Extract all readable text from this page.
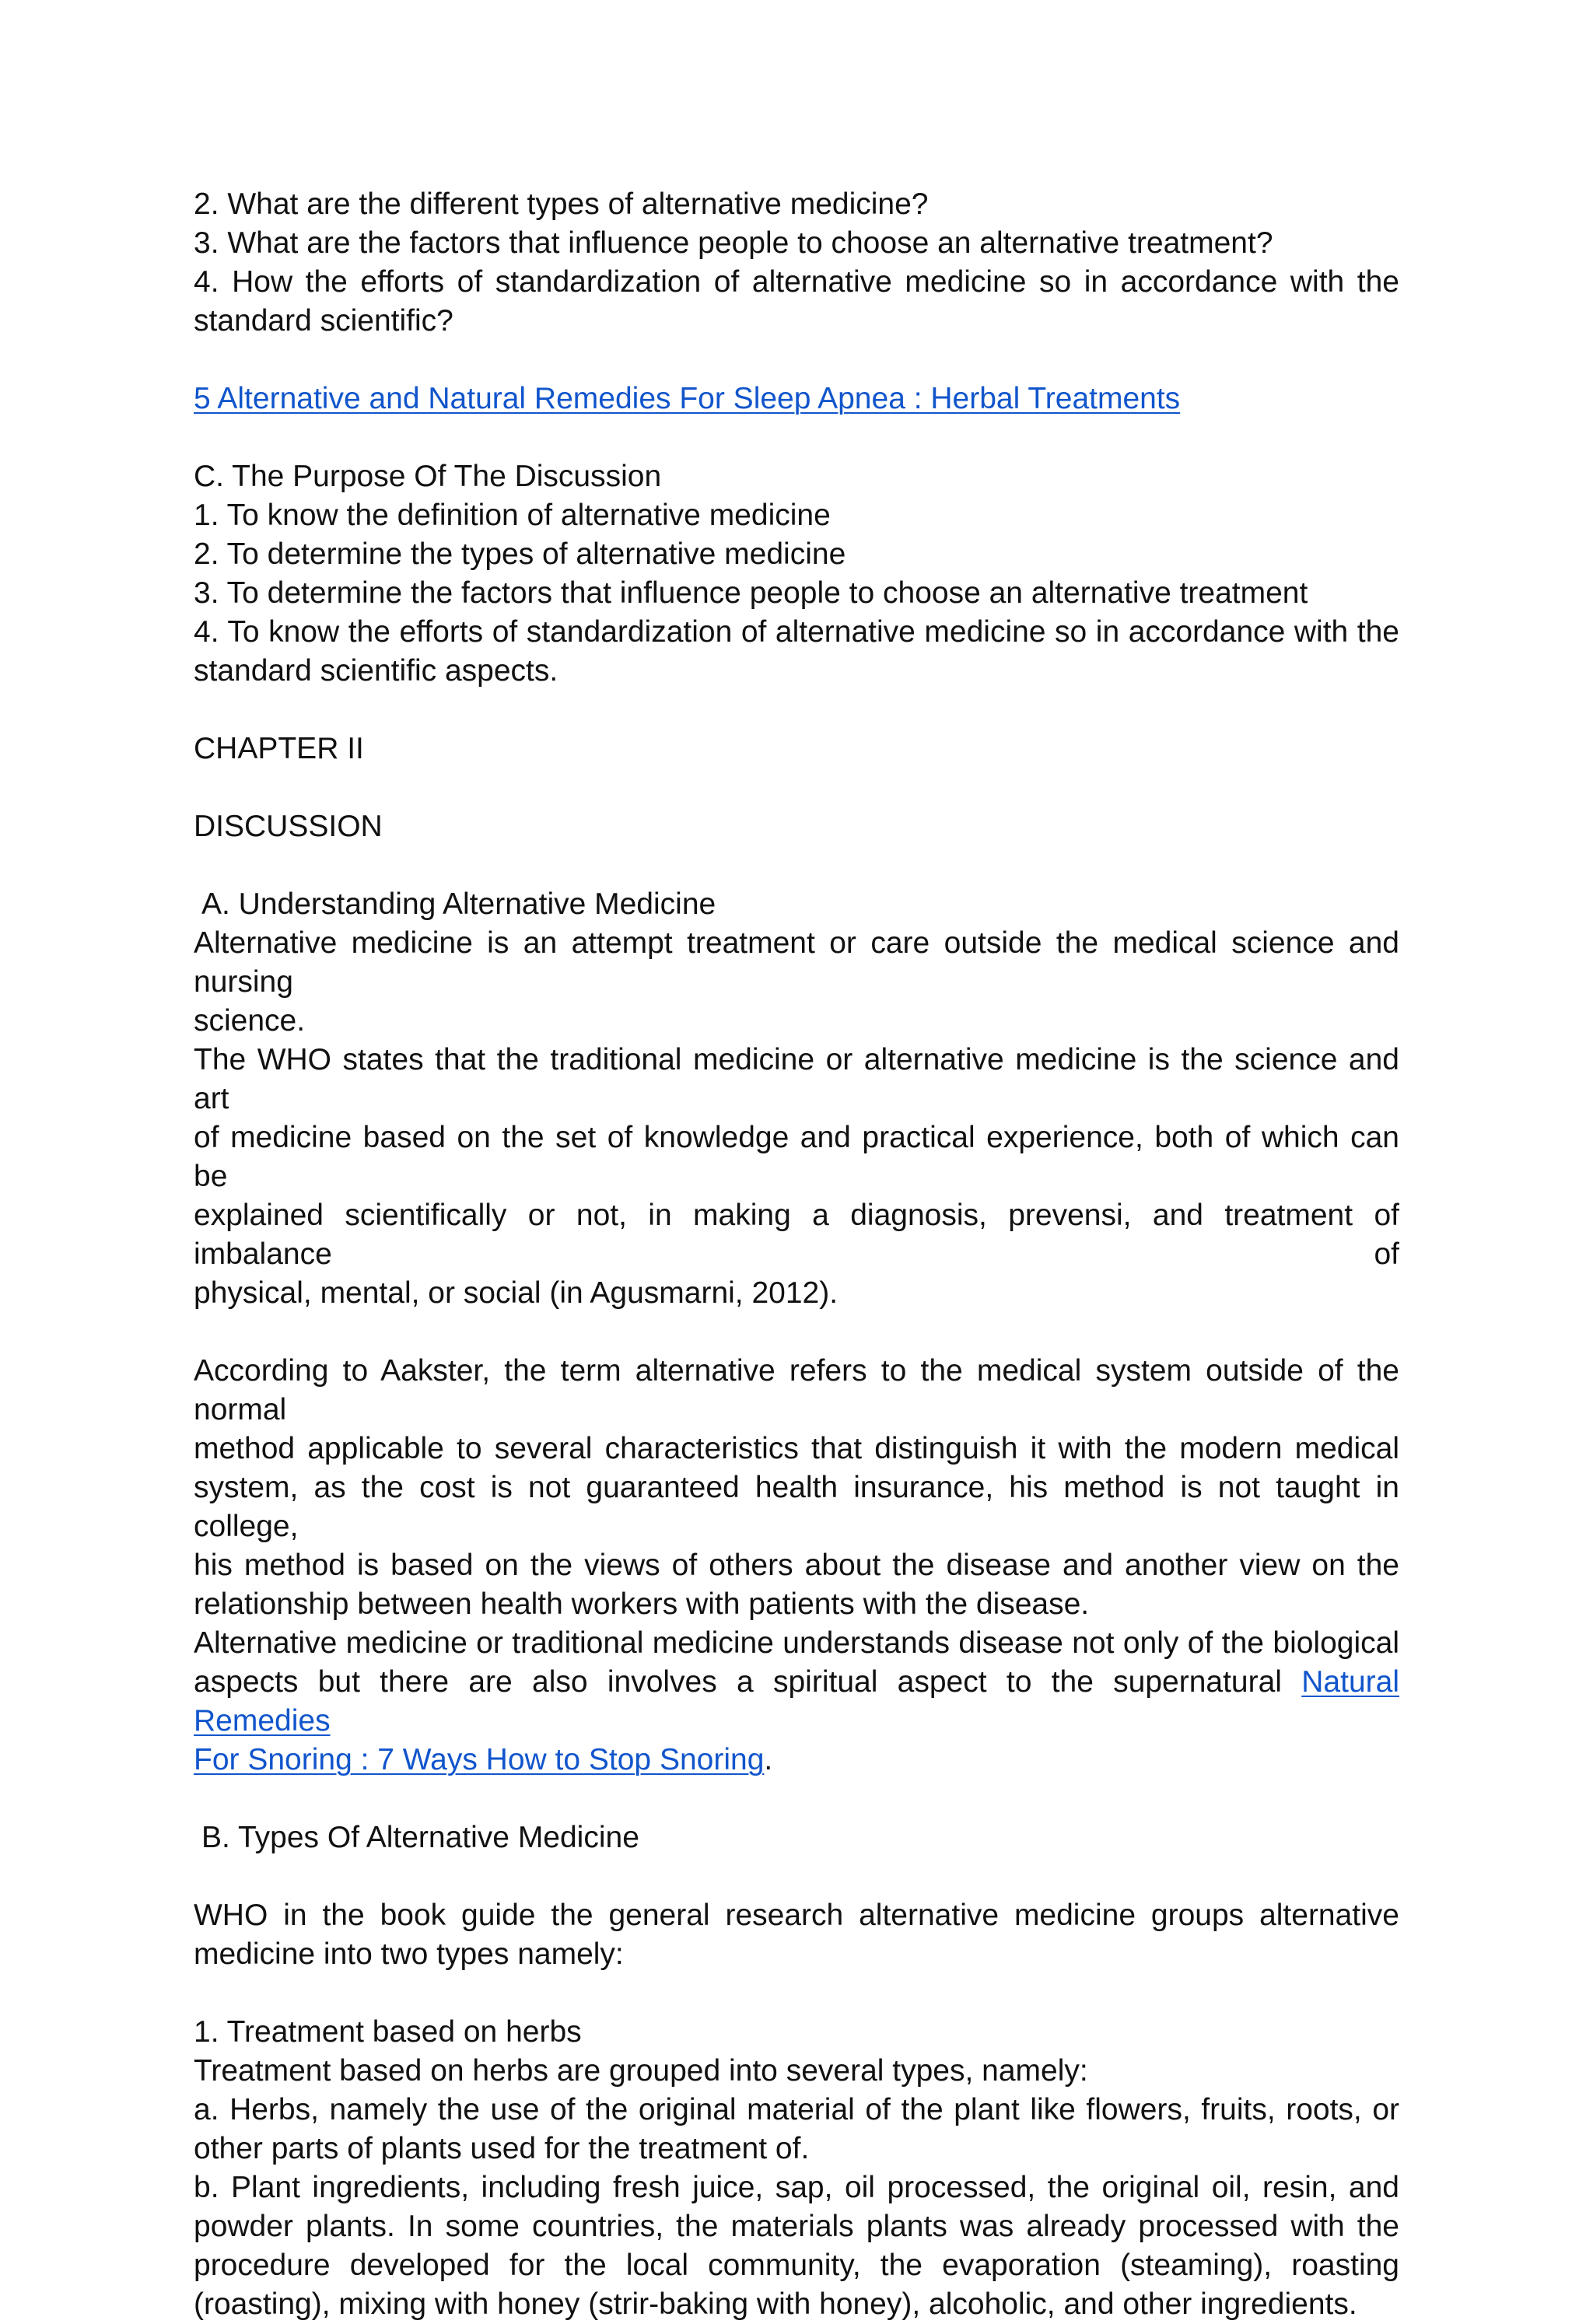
2. What are the different types of alternative medicine?
3. What are the factors that influence people to choose an alternative treatment?
4. How the efforts of standardization of alternative medicine so in accordance with the
standard scientific?
5 Alternative and Natural Remedies For Sleep Apnea : Herbal Treatments
C. The Purpose Of The Discussion
1. To know the definition of alternative medicine
2. To determine the types of alternative medicine
3. To determine the factors that influence people to choose an alternative treatment
4. To know the efforts of standardization of alternative medicine so in accordance with the
standard scientific aspects.
CHAPTER II
DISCUSSION
A. Understanding Alternative Medicine
Alternative medicine is an attempt treatment or care outside the medical science and nursing
science.
The WHO states that the traditional medicine or alternative medicine is the science and art
of medicine based on the set of knowledge and practical experience, both of which can be
explained scientifically or not, in making a diagnosis, prevensi, and treatment of imbalance of
physical, mental, or social (in Agusmarni, 2012).
According to Aakster, the term alternative refers to the medical system outside of the normal
method applicable to several characteristics that distinguish it with the modern medical
system, as the cost is not guaranteed health insurance, his method is not taught in college,
his method is based on the views of others about the disease and another view on the
relationship between health workers with patients with the disease.
Alternative medicine or traditional medicine understands disease not only of the biological
aspects but there are also involves a spiritual aspect to the supernatural Natural Remedies
For Snoring : 7 Ways How to Stop Snoring.
B. Types Of Alternative Medicine
WHO in the book guide the general research alternative medicine groups alternative
medicine into two types namely:
1. Treatment based on herbs
Treatment based on herbs are grouped into several types, namely:
a. Herbs, namely the use of the original material of the plant like flowers, fruits, roots, or
other parts of plants used for the treatment of.
b. Plant ingredients, including fresh juice, sap, oil processed, the original oil, resin, and
powder plants. In some countries, the materials plants was already processed with the
procedure developed for the local community, the evaporation (steaming), roasting
(roasting), mixing with honey (strir-baking with honey), alcoholic, and other ingredients.
